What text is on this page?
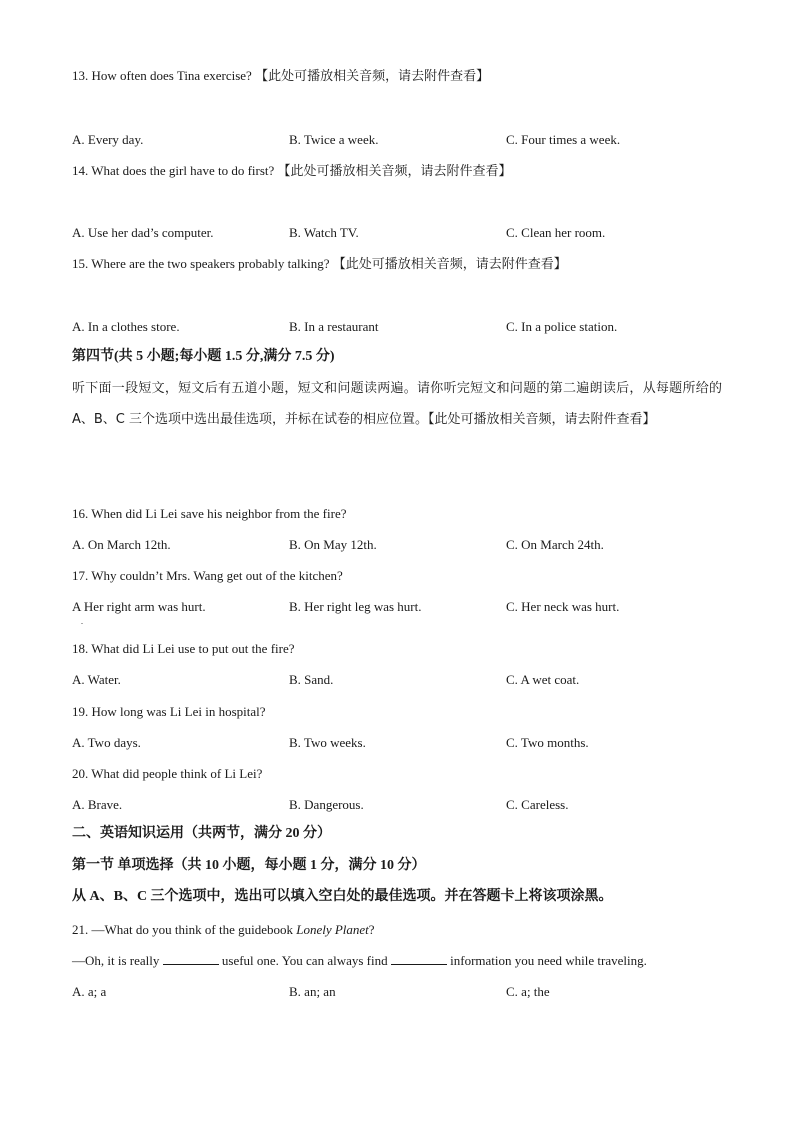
13. How often does Tina exercise? 【此处可播放相关音频，请去附件查看】
A. Every day.	B. Twice a week.	C. Four times a week.
14. What does the girl have to do first? 【此处可播放相关音频，请去附件查看】
A. Use her dad’s computer.	B. Watch TV.	C. Clean her room.
15. Where are the two speakers probably talking? 【此处可播放相关音频，请去附件查看】
A. In a clothes store.	B. In a restaurant	C. In a police station.
第四节(共 5 小题;每小题 1.5 分,满分 7.5 分)
听下面一段短文，短文后有五道小题，短文和问题读两遍。请你听完短文和问题的第二遍朗读后，从每题所给的 A、B、C 三个选项中选出最佳选项，并标在试卷的相应位置。【此处可播放相关音频，请去附件查看】
16. When did Li Lei save his neighbor from the fire?
A. On March 12th.	B. On May 12th.	C. On March 24th.
17. Why couldn’t Mrs. Wang get out of the kitchen?
A Her right arm was hurt.
.
B. Her right leg was hurt.	C. Her neck was hurt.
18. What did Li Lei use to put out the fire?
A. Water.	B. Sand.	C. A wet coat.
19. How long was Li Lei in hospital?
A. Two days.	B. Two weeks.	C. Two months.
20. What did people think of Li Lei?
A. Brave.	B. Dangerous.	C. Careless.
二、英语知识运用（共两节，满分 20 分）
第一节 单项选择（共 10 小题，每小题 1 分，满分 10 分）
从 A、B、C 三个选项中，选出可以填入空白处的最佳选项。并在答题卡上将该项涂黑。
21. —What do you think of the guidebook Lonely Planet?
—Oh, it is really	useful one. You can always find	information you need while traveling.
A. a; a	B. an; an	C. a; the
